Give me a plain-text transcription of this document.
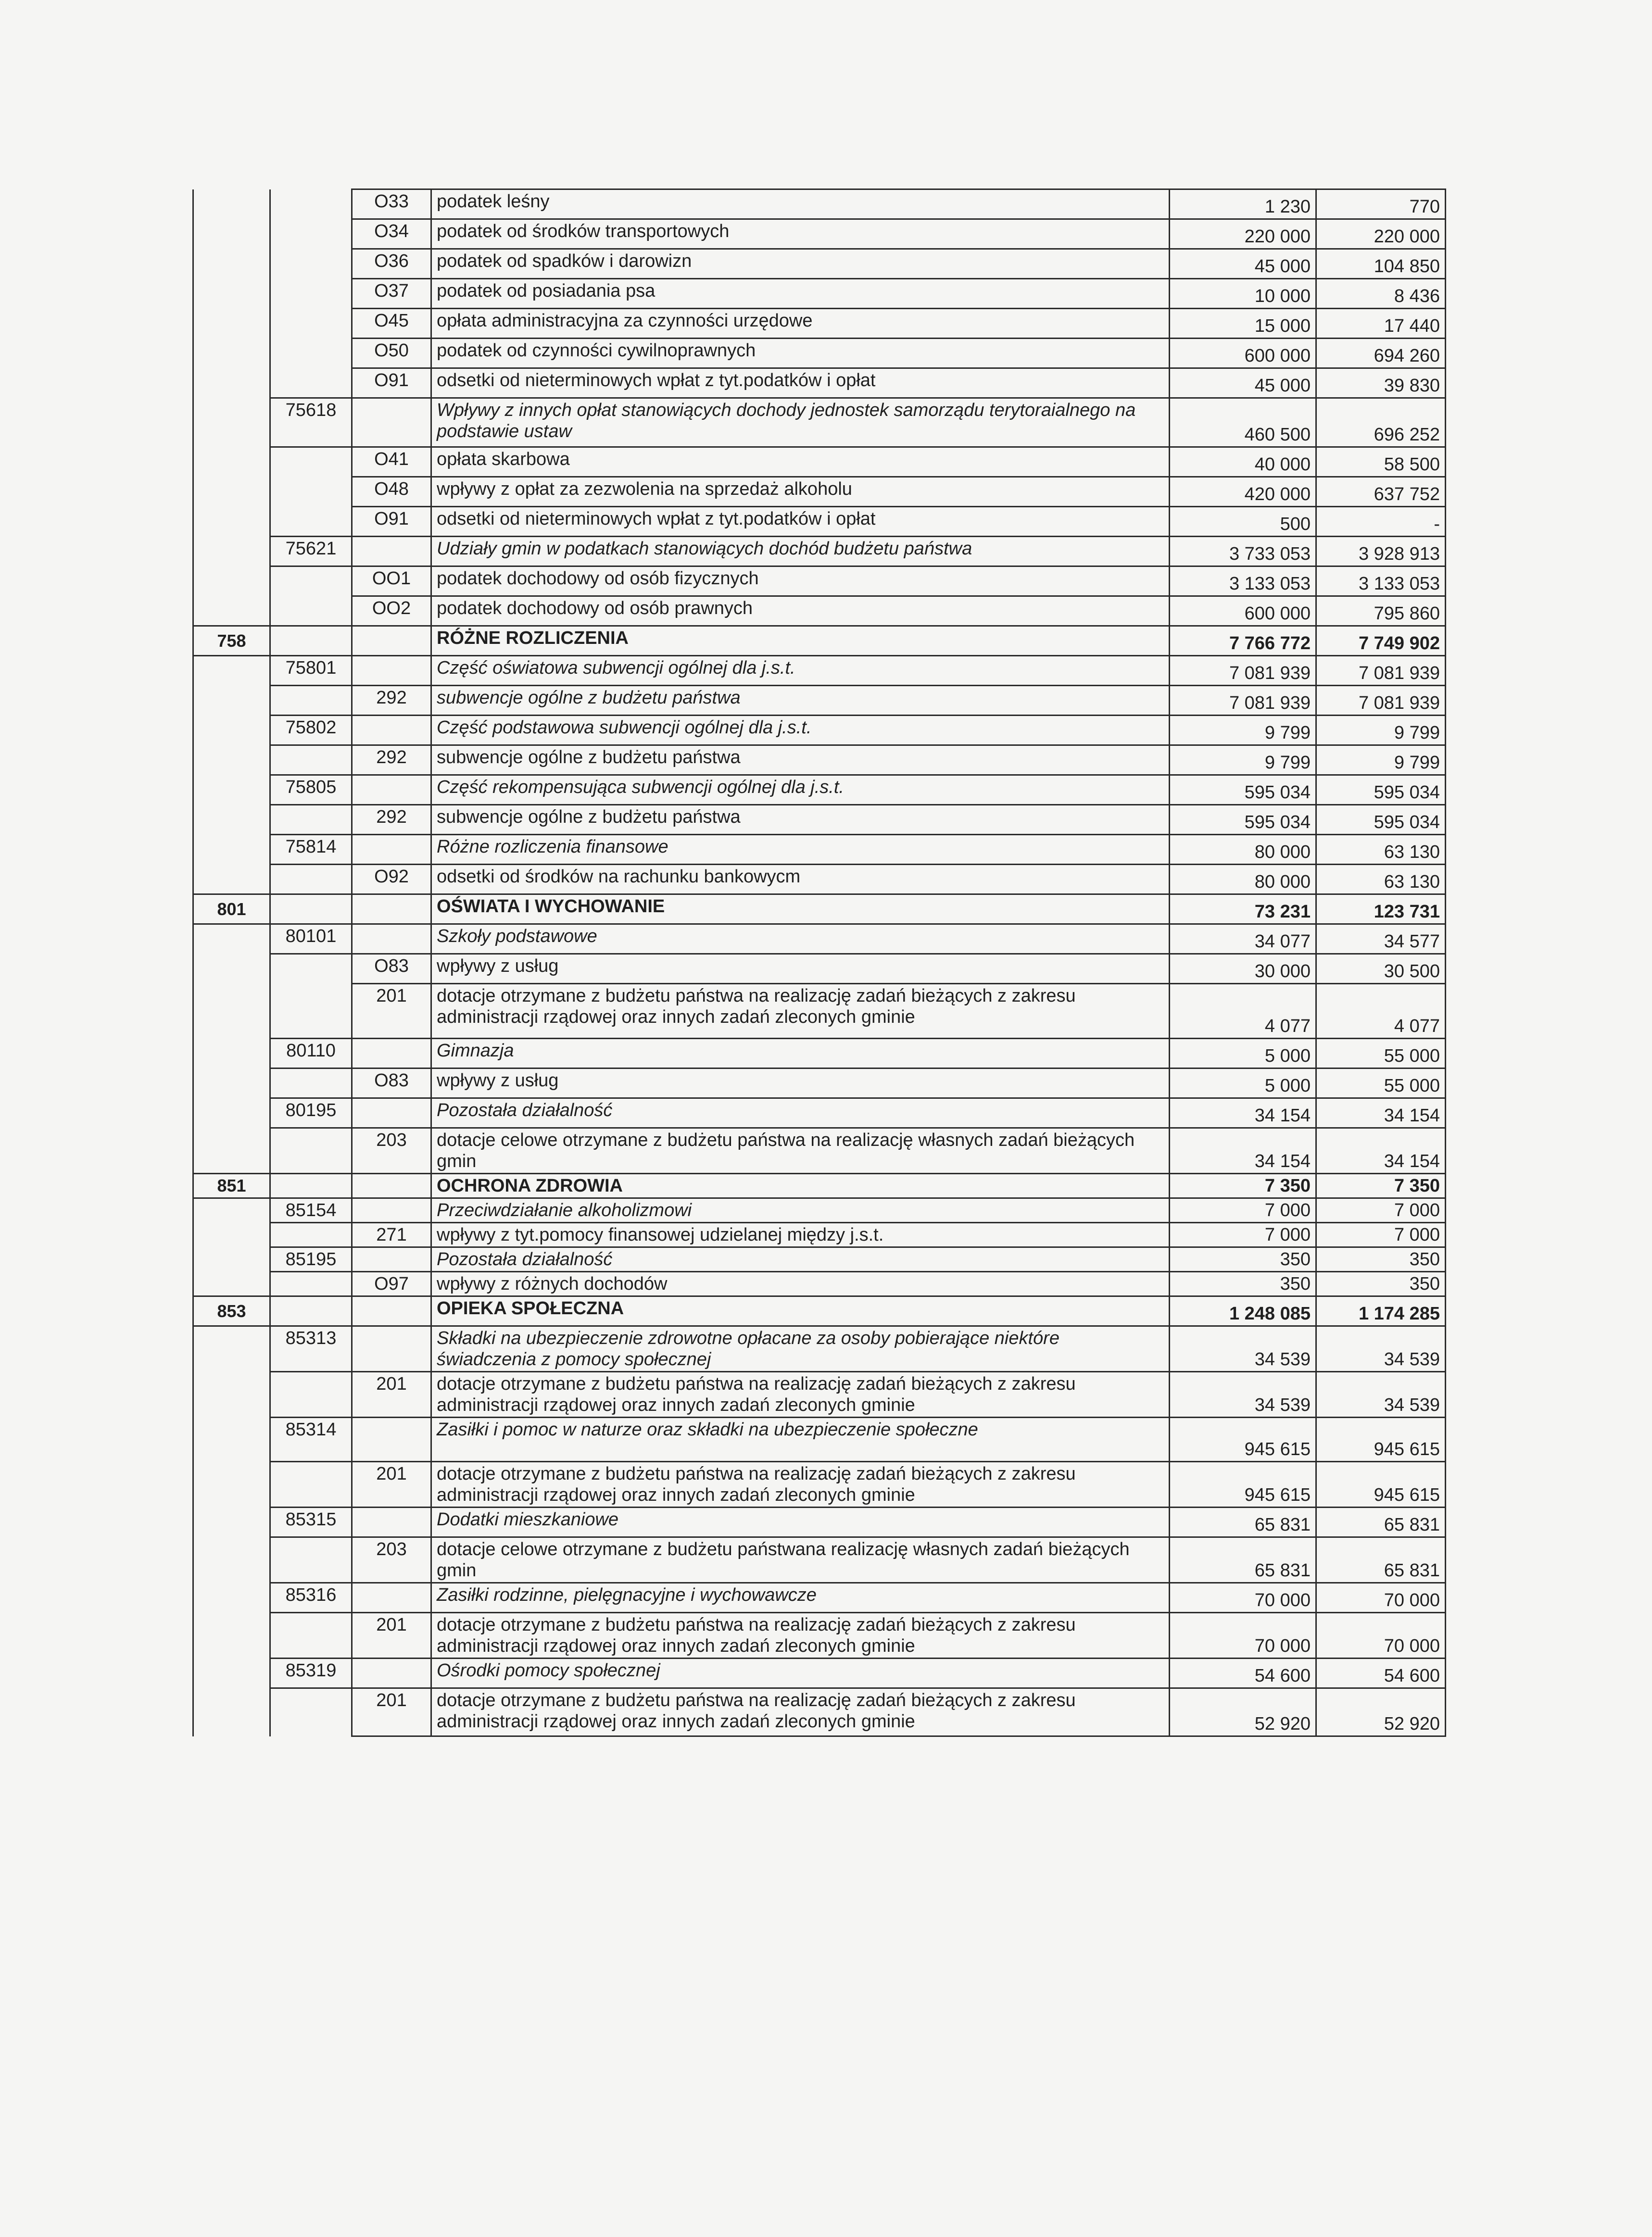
		O33	podatek leśny	1 230	770
		O34	podatek od środków transportowych	220 000	220 000
		O36	podatek od spadków i darowizn	45 000	104 850
		O37	podatek od posiadania psa	10 000	8 436
		O45	opłata administracyjna za czynności urzędowe	15 000	17 440
		O50	podatek od czynności cywilnoprawnych	600 000	694 260
		O91	odsetki od nieterminowych wpłat z tyt.podatków i opłat	45 000	39 830
	75618		Wpływy z innych opłat stanowiących dochody jednostek samorządu terytoraialnego na podstawie ustaw	460 500	696 252
		O41	opłata skarbowa	40 000	58 500
		O48	wpływy z opłat za zezwolenia na sprzedaż alkoholu	420 000	637 752
		O91	odsetki od nieterminowych wpłat z tyt.podatków i opłat	500	-
	75621		Udziały gmin w podatkach stanowiących dochód budżetu państwa	3 733 053	3 928 913
		OO1	podatek dochodowy od osób fizycznych	3 133 053	3 133 053
		OO2	podatek dochodowy od osób prawnych	600 000	795 860
758			RÓŻNE ROZLICZENIA	7 766 772	7 749 902
	75801		Część oświatowa subwencji ogólnej dla j.s.t.	7 081 939	7 081 939
		292	subwencje ogólne z budżetu państwa	7 081 939	7 081 939
	75802		Część podstawowa subwencji ogólnej dla j.s.t.	9 799	9 799
		292	subwencje ogólne z budżetu państwa	9 799	9 799
	75805		Część rekompensująca subwencji ogólnej dla j.s.t.	595 034	595 034
		292	subwencje ogólne z budżetu państwa	595 034	595 034
	75814		Różne rozliczenia finansowe	80 000	63 130
		O92	odsetki od środków na rachunku bankowycm	80 000	63 130
801			OŚWIATA I WYCHOWANIE	73 231	123 731
	80101		Szkoły podstawowe	34 077	34 577
		O83	wpływy z usług	30 000	30 500
		201	dotacje otrzymane z budżetu państwa na realizację zadań bieżących z zakresu administracji rządowej oraz innych zadań zleconych gminie	4 077	4 077
	80110		Gimnazja	5 000	55 000
		O83	wpływy z usług	5 000	55 000
	80195		Pozostała działalność	34 154	34 154
		203	dotacje celowe otrzymane z budżetu państwa na realizację własnych zadań bieżących gmin	34 154	34 154
851			OCHRONA ZDROWIA	7 350	7 350
	85154		Przeciwdziałanie alkoholizmowi	7 000	7 000
		271	wpływy z tyt.pomocy finansowej udzielanej między j.s.t.	7 000	7 000
	85195		Pozostała działalność	350	350
		O97	wpływy z różnych dochodów	350	350
853			OPIEKA SPOŁECZNA	1 248 085	1 174 285
	85313		Składki na ubezpieczenie zdrowotne opłacane za osoby pobierające niektóre świadczenia z pomocy społecznej	34 539	34 539
		201	dotacje otrzymane z budżetu państwa na realizację zadań bieżących z zakresu administracji rządowej oraz innych zadań zleconych gminie	34 539	34 539
	85314		Zasiłki i pomoc w naturze oraz składki na ubezpieczenie społeczne	945 615	945 615
		201	dotacje otrzymane z budżetu państwa na realizację zadań bieżących z zakresu administracji rządowej oraz innych zadań zleconych gminie	945 615	945 615
	85315		Dodatki mieszkaniowe	65 831	65 831
		203	dotacje celowe otrzymane z budżetu państwana realizację własnych zadań bieżących gmin	65 831	65 831
	85316		Zasiłki rodzinne, pielęgnacyjne i wychowawcze	70 000	70 000
		201	dotacje otrzymane z budżetu państwa na realizację zadań bieżących z zakresu administracji rządowej oraz innych zadań zleconych gminie	70 000	70 000
	85319		Ośrodki pomocy społecznej	54 600	54 600
		201	dotacje otrzymane z budżetu państwa na realizację zadań bieżących z zakresu administracji rządowej oraz innych zadań zleconych gminie	52 920	52 920
